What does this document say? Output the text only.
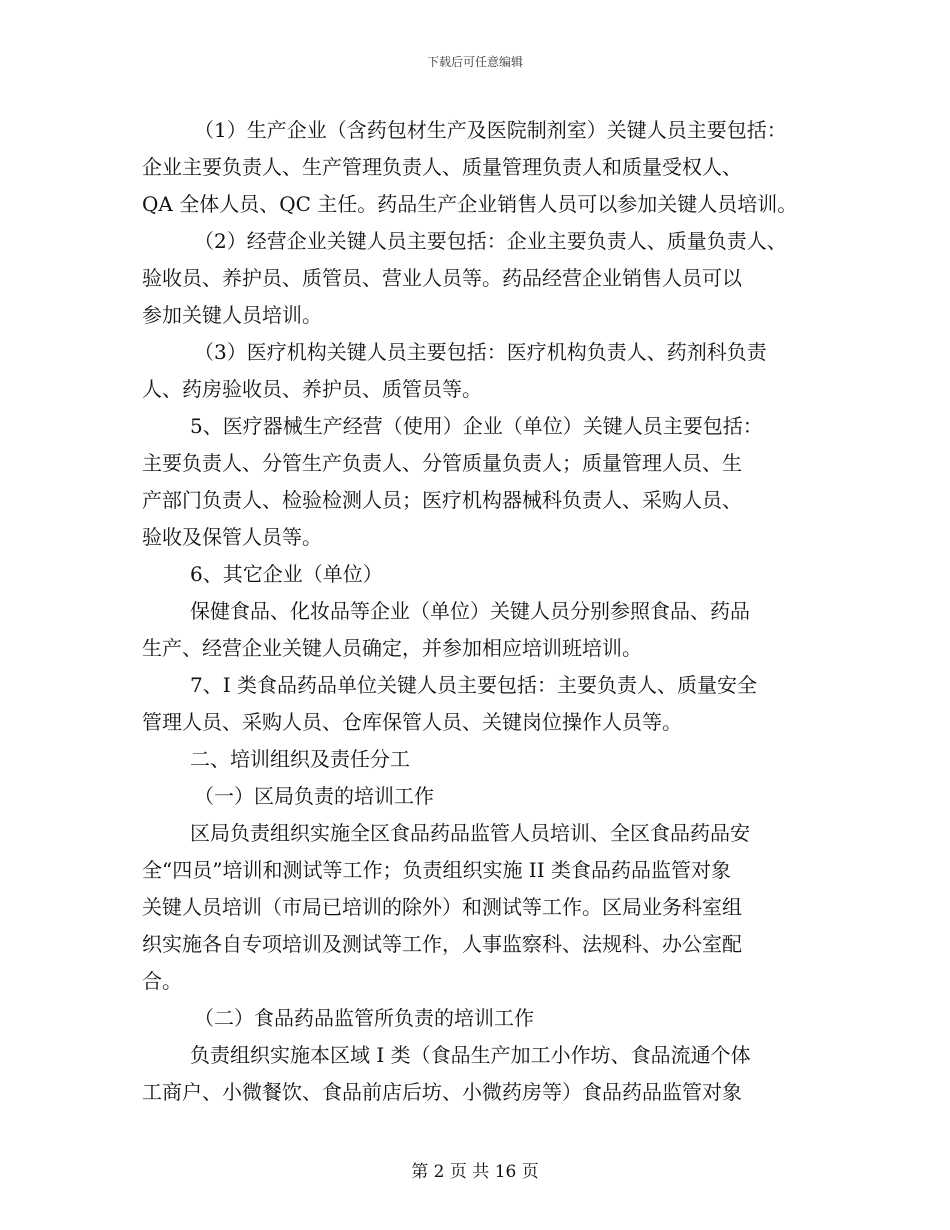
下载后可任意编辑
（1）生产企业（含药包材生产及医院制剂室）关键人员主要包括：
企业主要负责人、生产管理负责人、质量管理负责人和质量受权人、
QA 全体人员、QC 主任。药品生产企业销售人员可以参加关键人员培训。
（2）经营企业关键人员主要包括：企业主要负责人、质量负责人、
验收员、养护员、质管员、营业人员等。药品经营企业销售人员可以
参加关键人员培训。
（3）医疗机构关键人员主要包括：医疗机构负责人、药剂科负责
人、药房验收员、养护员、质管员等。
5、医疗器械生产经营（使用）企业（单位）关键人员主要包括：
主要负责人、分管生产负责人、分管质量负责人；质量管理人员、生
产部门负责人、检验检测人员；医疗机构器械科负责人、采购人员、
验收及保管人员等。
6、其它企业（单位）
保健食品、化妆品等企业（单位）关键人员分别参照食品、药品
生产、经营企业关键人员确定，并参加相应培训班培训。
7、I 类食品药品单位关键人员主要包括：主要负责人、质量安全
管理人员、采购人员、仓库保管人员、关键岗位操作人员等。
二、培训组织及责任分工
（一）区局负责的培训工作
区局负责组织实施全区食品药品监管人员培训、全区食品药品安
全“四员”培训和测试等工作；负责组织实施 II 类食品药品监管对象
关键人员培训（市局已培训的除外）和测试等工作。区局业务科室组
织实施各自专项培训及测试等工作，人事监察科、法规科、办公室配
合。
（二）食品药品监管所负责的培训工作
负责组织实施本区域 I 类（食品生产加工小作坊、食品流通个体
工商户、小微餐饮、食品前店后坊、小微药房等）食品药品监管对象
第 2 页 共 16 页
